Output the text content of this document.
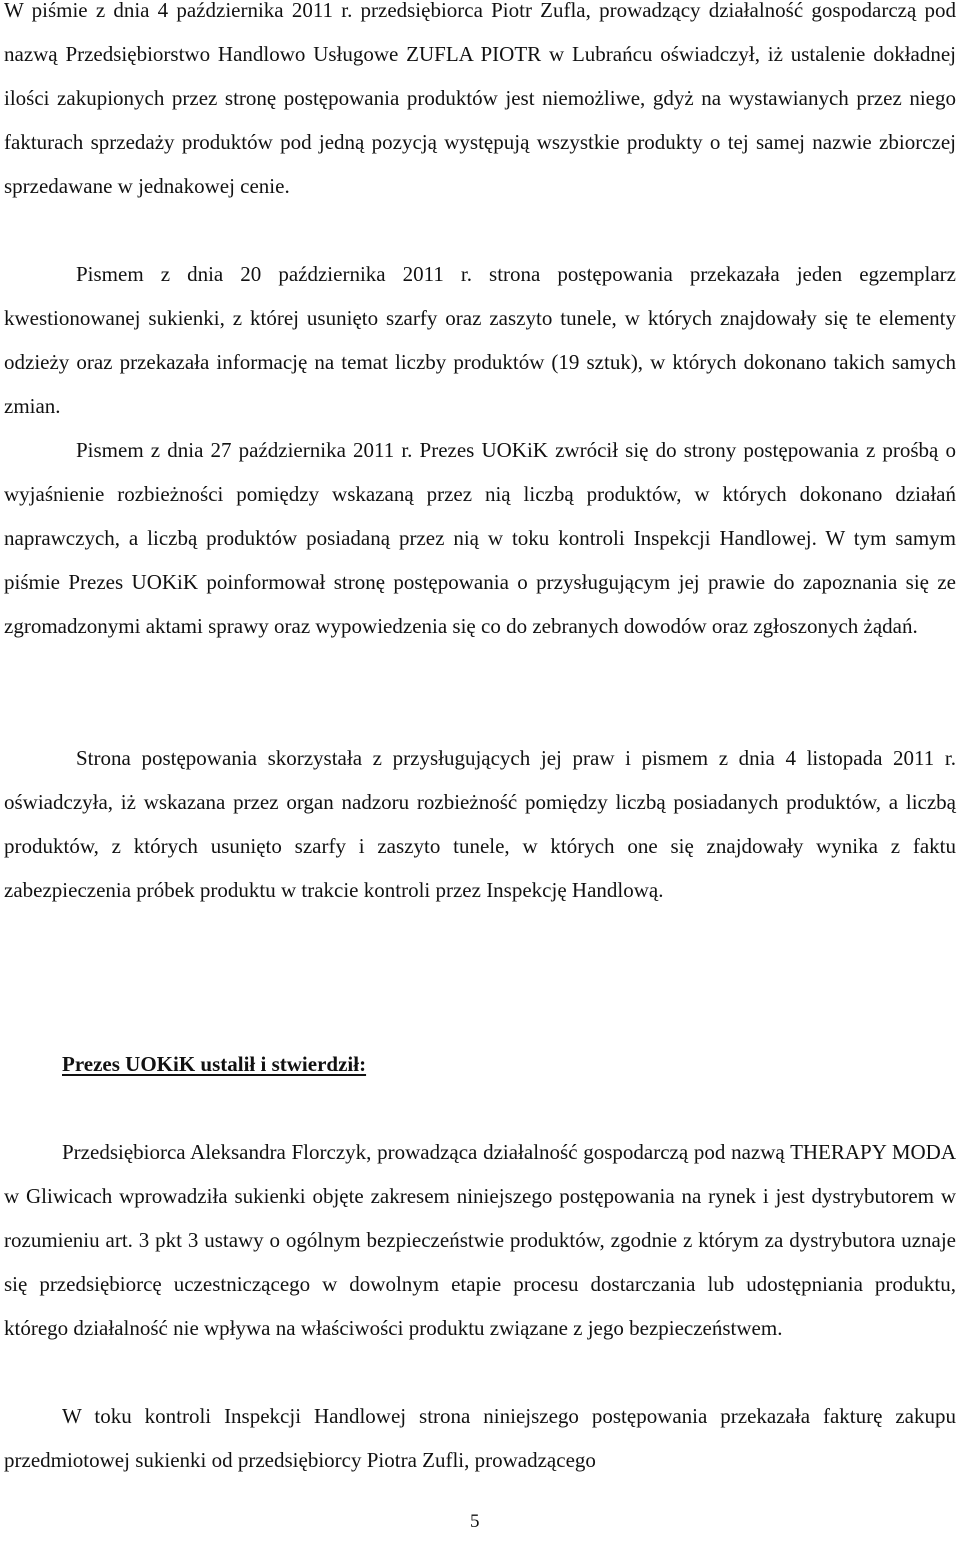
W piśmie z dnia 4 października 2011 r. przedsiębiorca Piotr Zufla, prowadzący działalność gospodarczą pod nazwą Przedsiębiorstwo Handlowo Usługowe ZUFLA PIOTR w Lubrańcu oświadczył, iż ustalenie dokładnej ilości zakupionych przez stronę postępowania produktów jest niemożliwe, gdyż na wystawianych przez niego fakturach sprzedaży produktów pod jedną pozycją występują wszystkie produkty o tej samej nazwie zbiorczej sprzedawane w jednakowej cenie.

Pismem z dnia 20 października 2011 r. strona postępowania przekazała jeden egzemplarz kwestionowanej sukienki, z której usunięto szarfy oraz zaszyto tunele, w których znajdowały się te elementy odzieży oraz przekazała informację na temat liczby produktów (19 sztuk), w których dokonano takich samych zmian.

Pismem z dnia 27 października 2011 r. Prezes UOKiK zwrócił się do strony postępowania z prośbą o wyjaśnienie rozbieżności pomiędzy wskazaną przez nią liczbą produktów, w których dokonano działań naprawczych, a liczbą produktów posiadaną przez nią w toku kontroli Inspekcji Handlowej. W tym samym piśmie Prezes UOKiK poinformował stronę postępowania o przysługującym jej prawie do zapoznania się ze zgromadzonymi aktami sprawy oraz wypowiedzenia się co do zebranych dowodów oraz zgłoszonych żądań.

Strona postępowania skorzystała z przysługujących jej praw i pismem z dnia 4 listopada 2011 r. oświadczyła, iż wskazana przez organ nadzoru rozbieżność pomiędzy liczbą posiadanych produktów, a liczbą produktów, z których usunięto szarfy i zaszyto tunele, w których one się znajdowały wynika z faktu zabezpieczenia próbek produktu w trakcie kontroli przez Inspekcję Handlową.

Prezes UOKiK ustalił i stwierdził:

Przedsiębiorca Aleksandra Florczyk, prowadząca działalność gospodarczą pod nazwą THERAPY MODA w Gliwicach wprowadziła sukienki objęte zakresem niniejszego postępowania na rynek i jest dystrybutorem w rozumieniu art. 3 pkt 3 ustawy o ogólnym bezpieczeństwie produktów, zgodnie z którym za dystrybutora uznaje się przedsiębiorcę uczestniczącego w dowolnym etapie procesu dostarczania lub udostępniania produktu, którego działalność nie wpływa na właściwości produktu związane z jego bezpieczeństwem.

W toku kontroli Inspekcji Handlowej strona niniejszego postępowania przekazała fakturę zakupu przedmiotowej sukienki od przedsiębiorcy Piotra Zufli, prowadzącego

5
